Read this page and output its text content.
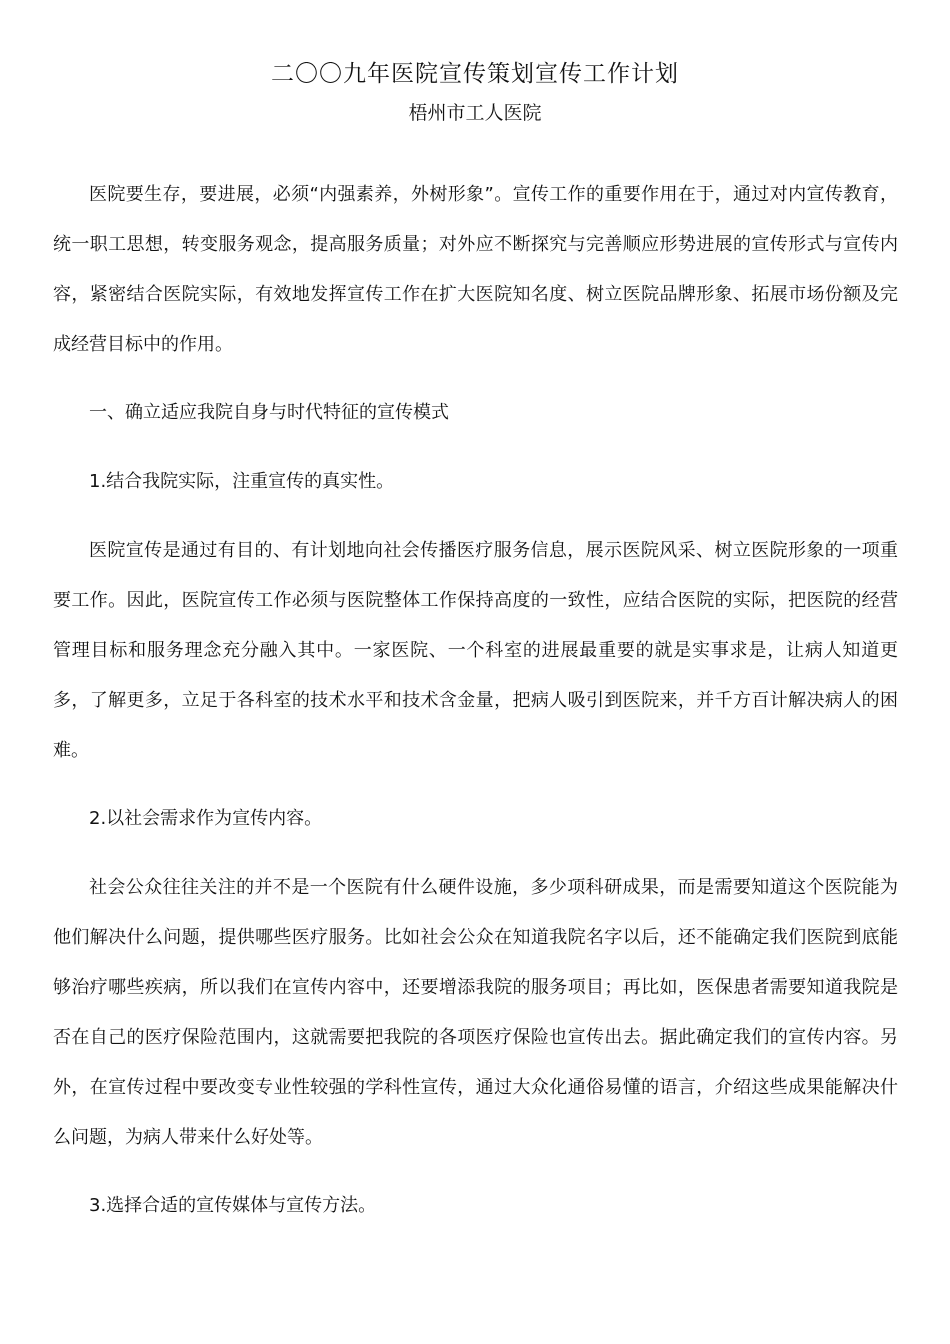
二〇〇九年医院宣传策划宣传工作计划
梧州市工人医院

医院要生存，要进展，必须“内强素养，外树形象”。宣传工作的重要作用在于，通过对内宣传教育，统一职工思想，转变服务观念，提高服务质量；对外应不断探究与完善顺应形势进展的宣传形式与宣传内容，紧密结合医院实际，有效地发挥宣传工作在扩大医院知名度、树立医院品牌形象、拓展市场份额及完成经营目标中的作用。

一、确立适应我院自身与时代特征的宣传模式
1.结合我院实际，注重宣传的真实性。

医院宣传是通过有目的、有计划地向社会传播医疗服务信息，展示医院风采、树立医院形象的一项重要工作。因此，医院宣传工作必须与医院整体工作保持高度的一致性，应结合医院的实际，把医院的经营管理目标和服务理念充分融入其中。一家医院、一个科室的进展最重要的就是实事求是，让病人知道更多，了解更多，立足于各科室的技术水平和技术含金量，把病人吸引到医院来，并千方百计解决病人的困难。

2.以社会需求作为宣传内容。

社会公众往往关注的并不是一个医院有什么硬件设施，多少项科研成果，而是需要知道这个医院能为他们解决什么问题，提供哪些医疗服务。比如社会公众在知道我院名字以后，还不能确定我们医院到底能够治疗哪些疾病，所以我们在宣传内容中，还要增添我院的服务项目；再比如，医保患者需要知道我院是否在自己的医疗保险范围内，这就需要把我院的各项医疗保险也宣传出去。据此确定我们的宣传内容。另外，在宣传过程中要改变专业性较强的学科性宣传，通过大众化通俗易懂的语言，介绍这些成果能解决什么问题，为病人带来什么好处等。

3.选择合适的宣传媒体与宣传方法。
